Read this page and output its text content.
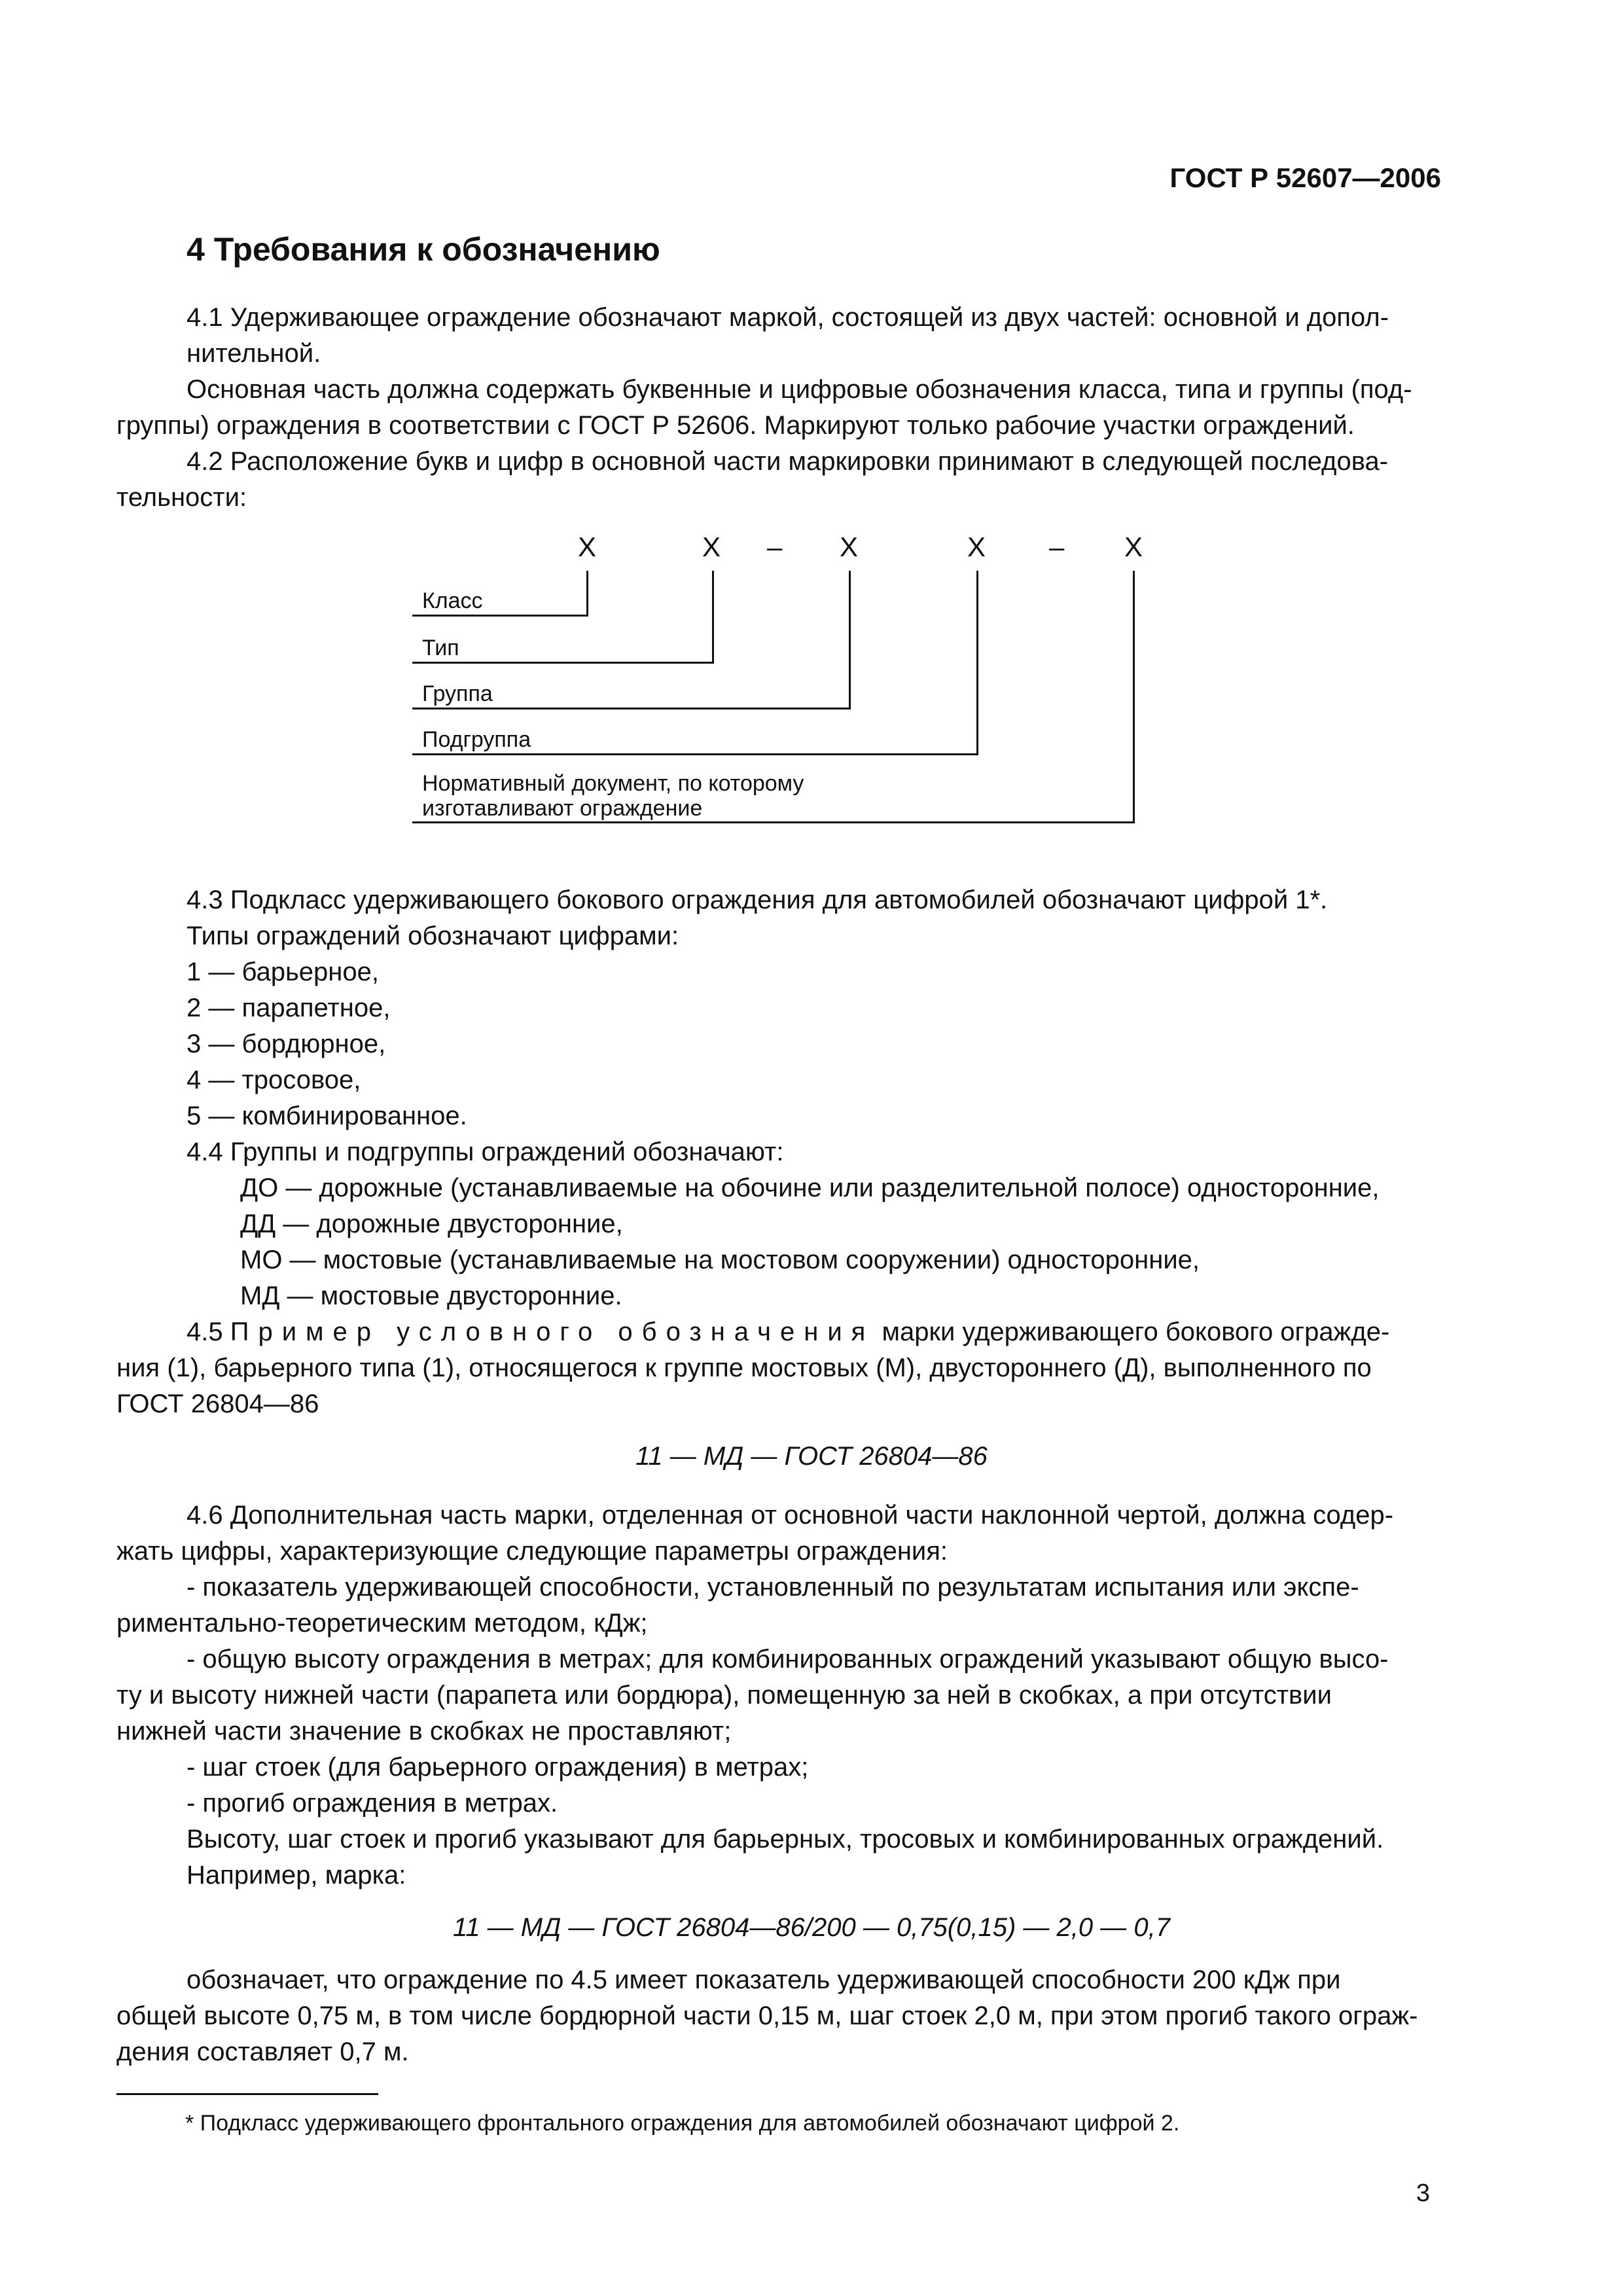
ГОСТ Р 52607—2006
4 Требования к обозначению

4.1 Удерживающее ограждение обозначают маркой, состоящей из двух частей: основной и допол-

нительной.

Основная часть должна содержать буквенные и цифровые обозначения класса, типа и группы (под-

группы) ограждения в соответствии с ГОСТ Р 52606. Маркируют только рабочие участки ограждений.

4.2 Расположение букв и цифр в основной части маркировки принимают в следующей последова-

тельности:

X	X – X	X – X
Класс
Тип
Группа
Подгруппа
Нормативный документ, по которому
изготавливают ограждение

4.3 Подкласс удерживающего бокового ограждения для автомобилей обозначают цифрой 1*.

Типы ограждений обозначают цифрами:

1 — барьерное,

2 — парапетное,

3 — бордюрное,

4 — тросовое,

5 — комбинированное.

4.4 Группы и подгруппы ограждений обозначают:

ДО — дорожные (устанавливаемые на обочине или разделительной полосе) односторонние,

ДД — дорожные двусторонние,

МО — мостовые (устанавливаемые на мостовом сооружении) односторонние,

МД — мостовые двусторонние.

4.5 Пример условного обозначения марки удерживающего бокового огражде-

ния (1), барьерного типа (1), относящегося к группе мостовых (М), двустороннего (Д), выполненного по

ГОСТ 26804—86

11 — МД — ГОСТ 26804—86

4.6 Дополнительная часть марки, отделенная от основной части наклонной чертой, должна содер-

жать цифры, характеризующие следующие параметры ограждения:

- показатель удерживающей способности, установленный по результатам испытания или экспе-

риментально-теоретическим методом, кДж;

- общую высоту ограждения в метрах; для комбинированных ограждений указывают общую высо-

ту и высоту нижней части (парапета или бордюра), помещенную за ней в скобках, а при отсутствии

нижней части значение в скобках не проставляют;

- шаг стоек (для барьерного ограждения) в метрах;

- прогиб ограждения в метрах.

Высоту, шаг стоек и прогиб указывают для барьерных, тросовых и комбинированных ограждений.

Например, марка:

11 — МД — ГОСТ 26804—86/200 — 0,75(0,15) — 2,0 — 0,7

обозначает, что ограждение по 4.5 имеет показатель удерживающей способности 200 кДж при

общей высоте 0,75 м, в том числе бордюрной части 0,15 м, шаг стоек 2,0 м, при этом прогиб такого ограж-

дения составляет 0,7 м.

* Подкласс удерживающего фронтального ограждения для автомобилей обозначают цифрой 2.

3
